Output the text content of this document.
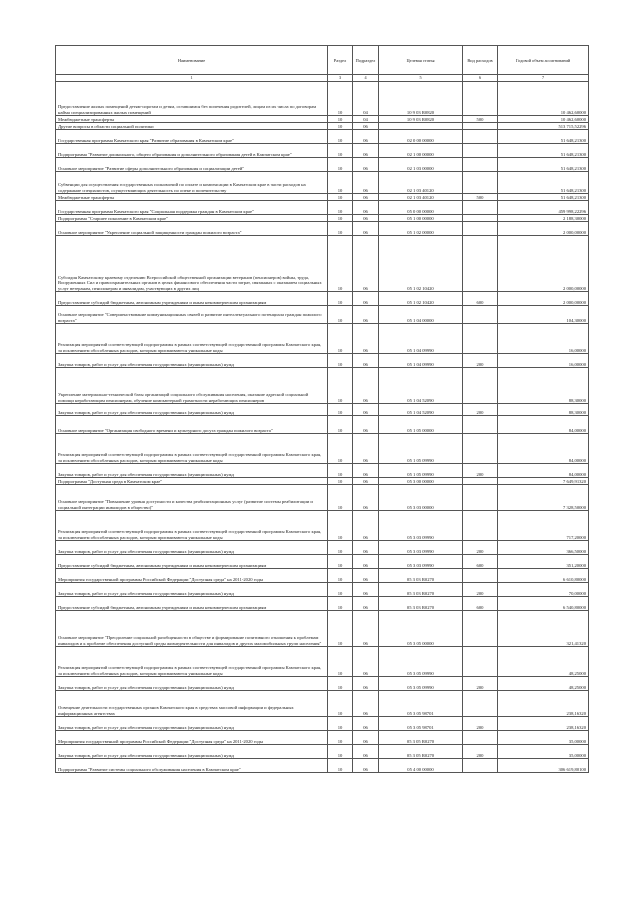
Наименование	Раздел	Подраздел	Целевая статья	Вид расходов	Годовой объем ассигнований
1	3	4	5	6	7
Предоставление жилых помещений детям-сиротам и детям, оставшимся без попечения родителей, лицам из их числа по договорам найма специализированных жилых помещений	10	04	10 9 03 R0820		10 462,60000
Межбюджетные трансферты	10	04	10 9 03 R0820	500	10 462,60000
Другие вопросы в области социальной политики	10	06			513 715,52296
Государственная программа Камчатского края "Развитие образования в Камчатском крае"	10	06	02 0 00 00000		51 648,21300
Подпрограмма "Развитие дошкольного, общего образования и дополнительного образования детей в Камчатском крае"	10	06	02 1 00 00000		51 648,21300
Основное мероприятие "Развитие сферы дополнительного образования и социализации детей"	10	06	02 1 03 00000		51 648,21300
Субвенции для осуществления государственных полномочий по оплате и компенсации в Камчатском крае в части расходов на содержание специалистов, осуществляющих деятельность по опеке и попечительству	10	06	02 1 03 40120		51 648,21300
Межбюджетные трансферты	10	06	02 1 03 40120	500	51 648,21300
Государственная программа Камчатского края "Социальная поддержка граждан в Камчатском крае"	10	06	05 0 00 00000		459 998,22296
Подпрограмма "Старшее поколение в Камчатском крае"	10	06	05 1 00 00000		2 188,30000
Основное мероприятие "Укрепление социальной защищенности граждан пожилого возраста"	10	06	05 1 02 00000		2 000,00000
Субсидия Камчатскому краевому отделению Всероссийской общественной организации ветеранов (пенсионеров) войны, труда, Вооруженных Сил и правоохранительных органов в целях финансового обеспечения части затрат, связанных с оказанием социальных услуг ветеранам, пенсионерам и инвалидам, участвующих в других лиц	10	06	05 1 02 10420		2 000,00000
Предоставление субсидий бюджетным, автономным учреждениям и иным некоммерческим организациям	10	06	05 1 02 10420	600	2 000,00000
Основное мероприятие "Совершенствование коммуникационных связей и развитие интеллектуального потенциала граждан пожилого возраста"	10	06	05 1 04 00000		104,30000
Реализация мероприятий соответствующей подпрограммы в рамках соответствующей государственной программы Камчатского края, за исключением обособленных расходов, которым присваиваются уникальные коды	10	06	05 1 04 09990		16,00000
Закупка товаров, работ и услуг для обеспечения государственных (муниципальных) нужд	10	06	05 1 04 09990	200	16,00000
Укрепление материально-технической базы организаций социального обслуживания населения, оказание адресной социальной помощи неработающим пенсионерам, обучение компьютерной грамотности неработающих пенсионеров	10	06	05 1 04 52090		88,30000
Закупка товаров, работ и услуг для обеспечения государственных (муниципальных) нужд	10	06	05 1 04 52090	200	88,30000
Основное мероприятие "Организация свободного времени и культурного досуга граждан пожилого возраста"	10	06	05 1 05 00000		84,00000
Реализация мероприятий соответствующей подпрограммы в рамках соответствующей государственной программы Камчатского края, за исключением обособленных расходов, которым присваиваются уникальные коды	10	06	05 1 05 09990		84,00000
Закупка товаров, работ и услуг для обеспечения государственных (муниципальных) нужд	10	06	05 1 05 09990	200	84,00000
Подпрограмма "Доступная среда в Камчатском крае"	10	06	05 3 00 00000		7 649,91320
Основное мероприятие "Повышение уровня доступности и качества реабилитационных услуг (развитие системы реабилитации и социальной интеграции инвалидов в общество)"	10	06	05 3 03 00000		7 328,50000
Реализация мероприятий соответствующей подпрограммы в рамках соответствующей государственной программы Камчатского края, за исключением обособленных расходов, которым присваиваются уникальные коды	10	06	05 3 03 09990		717,20000
Закупка товаров, работ и услуг для обеспечения государственных (муниципальных) нужд	10	06	05 3 03 09990	200	366,50000
Предоставление субсидий бюджетным, автономным учреждениям и иным некоммерческим организациям	10	06	05 3 03 09990	600	351,20000
Мероприятия государственной программы Российской Федерации "Доступная среда" на 2011-2020 годы	10	06	05 3 03 R0270		6 610,80000
Закупка товаров, работ и услуг для обеспечения государственных (муниципальных) нужд	10	06	05 3 03 R0270	200	70,00000
Предоставление субсидий бюджетным, автономным учреждениям и иным некоммерческим организациям	10	06	05 3 03 R0270	600	6 540,80000
Основное мероприятие "Преодоление социальной разобщенности в обществе и формирование позитивного отношения к проблемам инвалидов и к проблеме обеспечения доступной среды жизнедеятельности для инвалидов и других маломобильных групп населения"	10	06	05 3 05 00000		321,41320
Реализация мероприятий соответствующей подпрограммы в рамках соответствующей государственной программы Камчатского края, за исключением обособленных расходов, которым присваиваются уникальные коды	10	06	05 3 05 09990		48,25000
Закупка товаров, работ и услуг для обеспечения государственных (муниципальных) нужд	10	06	05 3 05 09990	200	48,25000
Освещение деятельности государственных органов Камчатского края в средствах массовой информации и федеральных информационных агентствах	10	06	05 3 05 98701		238,16320
Закупка товаров, работ и услуг для обеспечения государственных (муниципальных) нужд	10	06	05 3 05 98701	200	238,16320
Мероприятия государственной программы Российской Федерации "Доступная среда" на 2011-2020 годы	10	06	05 3 05 R0270		35,00000
Закупка товаров, работ и услуг для обеспечения государственных (муниципальных) нужд	10	06	05 3 05 R0270	200	35,00000
Подпрограмма "Развитие системы социального обслуживания населения в Камчатском крае"	10	06	05 4 00 00000		306 619,80100
